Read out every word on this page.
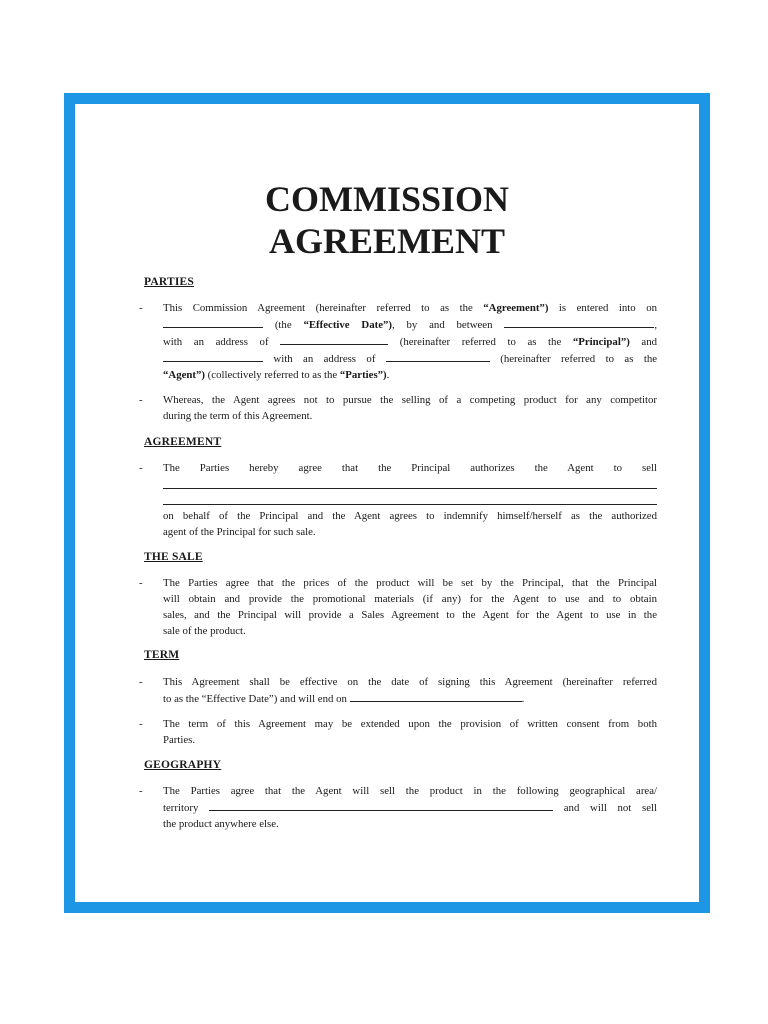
COMMISSION
AGREEMENT

PARTIES

- This Commission Agreement (hereinafter referred to as the “Agreement”) is entered into on
(the “Effective Date”), by and between	,
with an address of	(hereinafter referred to as the “Principal”) and
with an address of	(hereinafter referred to as the
“Agent”) (collectively referred to as the “Parties”).
- Whereas, the Agent agrees not to pursue the selling of a competing product for any competitor
during the term of this Agreement.

AGREEMENT

- The Parties hereby agree that the Principal authorizes the Agent to sell
on behalf of the Principal and the Agent agrees to indemnify himself/herself as the authorized
agent of the Principal for such sale.

THE SALE

- The Parties agree that the prices of the product will be set by the Principal, that the Principal
will obtain and provide the promotional materials (if any) for the Agent to use and to obtain
sales, and the Principal will provide a Sales Agreement to the Agent for the Agent to use in the
sale of the product.

TERM

- This Agreement shall be effective on the date of signing this Agreement (hereinafter referred
to as the “Effective Date”) and will end on	.
- The term of this Agreement may be extended upon the provision of written consent from both
Parties.

GEOGRAPHY

- The Parties agree that the Agent will sell the product in the following geographical area/
territory	and will not sell
the product anywhere else.
